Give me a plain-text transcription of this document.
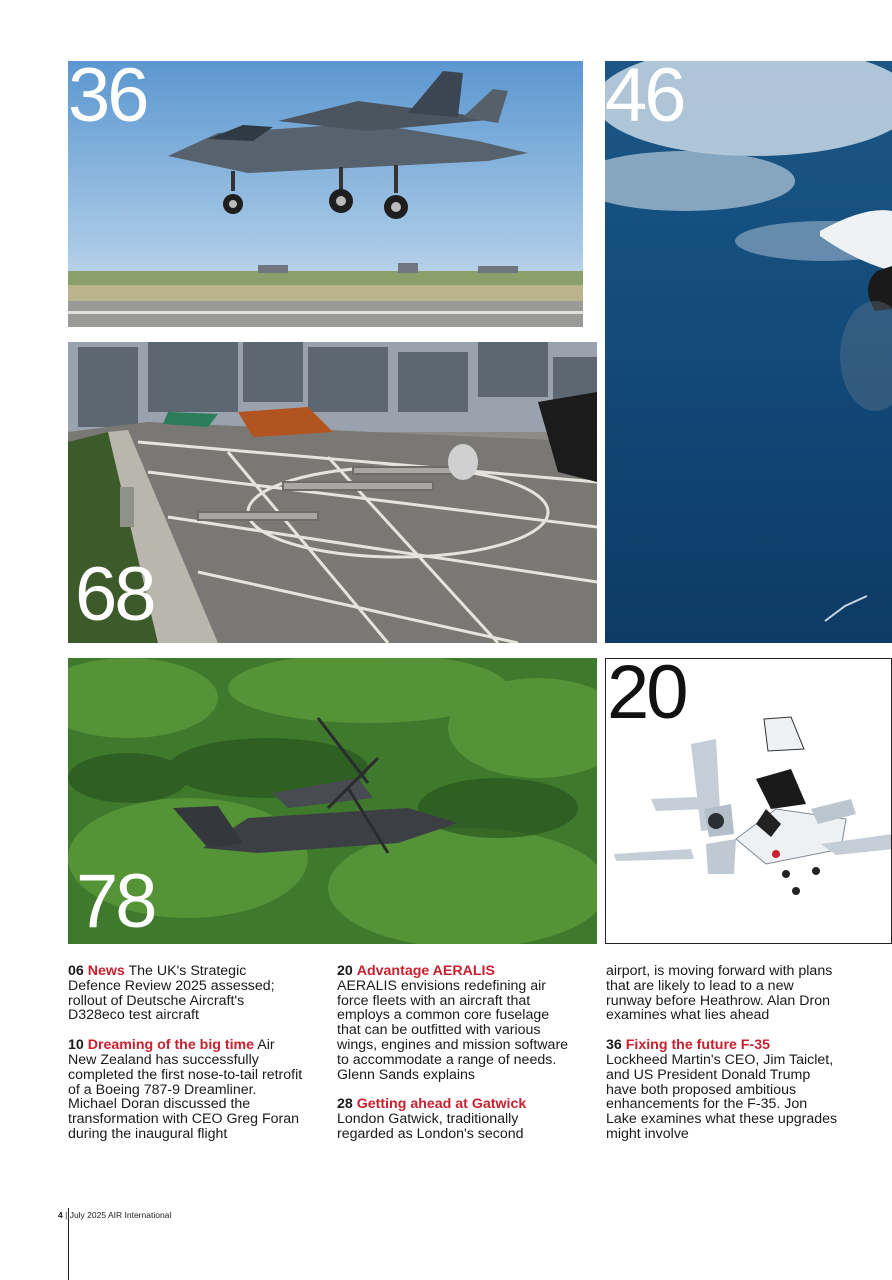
36	46
68
78
20

06 News The UK's Strategic Defence Review 2025 assessed; rollout of Deutsche Aircraft's D328eco test aircraft

10 Dreaming of the big time Air New Zealand has successfully completed the first nose-to-tail retrofit of a Boeing 787-9 Dreamliner. Michael Doran discussed the transformation with CEO Greg Foran during the inaugural flight

20 Advantage AERALIS
AERALIS envisions redefining air force fleets with an aircraft that employs a common core fuselage that can be outfitted with various wings, engines and mission software to accommodate a range of needs. Glenn Sands explains

28 Getting ahead at Gatwick
London Gatwick, traditionally regarded as London's second

airport, is moving forward with plans that are likely to lead to a new runway before Heathrow. Alan Dron examines what lies ahead

36 Fixing the future F-35
Lockheed Martin's CEO, Jim Taiclet, and US President Donald Trump have both proposed ambitious enhancements for the F-35. Jon Lake examines what these upgrades might involve

4 | July 2025 AIR International
